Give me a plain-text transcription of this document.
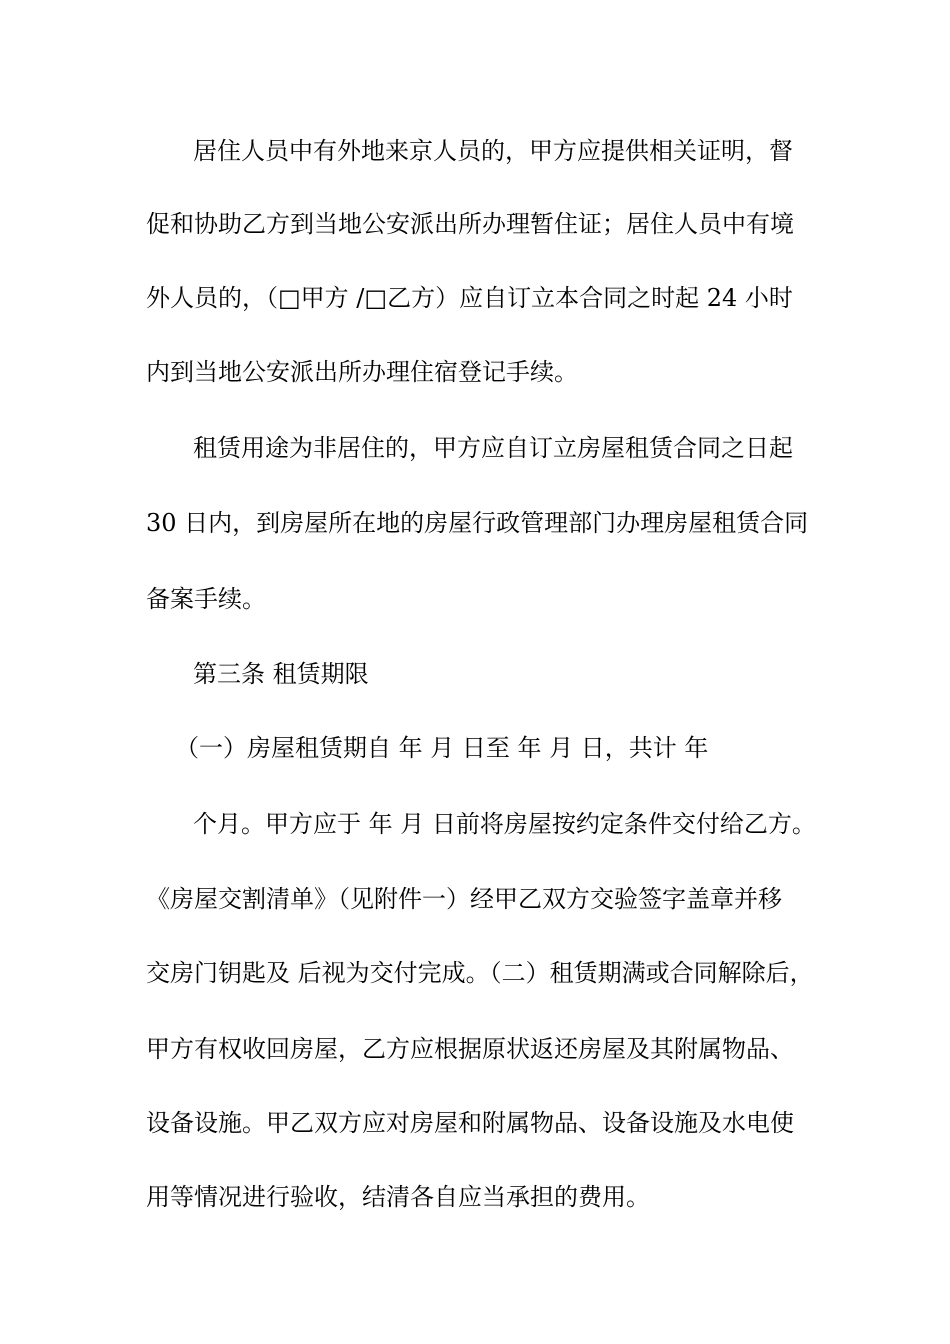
居住人员中有外地来京人员的，甲方应提供相关证明，督
促和协助乙方到当地公安派出所办理暂住证；居住人员中有境
外人员的，（□甲方 /□乙方）应自订立本合同之时起 24 小时
内到当地公安派出所办理住宿登记手续。
租赁用途为非居住的，甲方应自订立房屋租赁合同之日起
30 日内，到房屋所在地的房屋行政管理部门办理房屋租赁合同
备案手续。
第三条 租赁期限
（一）房屋租赁期自 年 月 日至 年 月 日，共计 年
个月。甲方应于 年 月 日前将房屋按约定条件交付给乙方。
《房屋交割清单》（见附件一）经甲乙双方交验签字盖章并移
交房门钥匙及 后视为交付完成。（二）租赁期满或合同解除后，
甲方有权收回房屋，乙方应根据原状返还房屋及其附属物品、
设备设施。甲乙双方应对房屋和附属物品、设备设施及水电使
用等情况进行验收，结清各自应当承担的费用。
